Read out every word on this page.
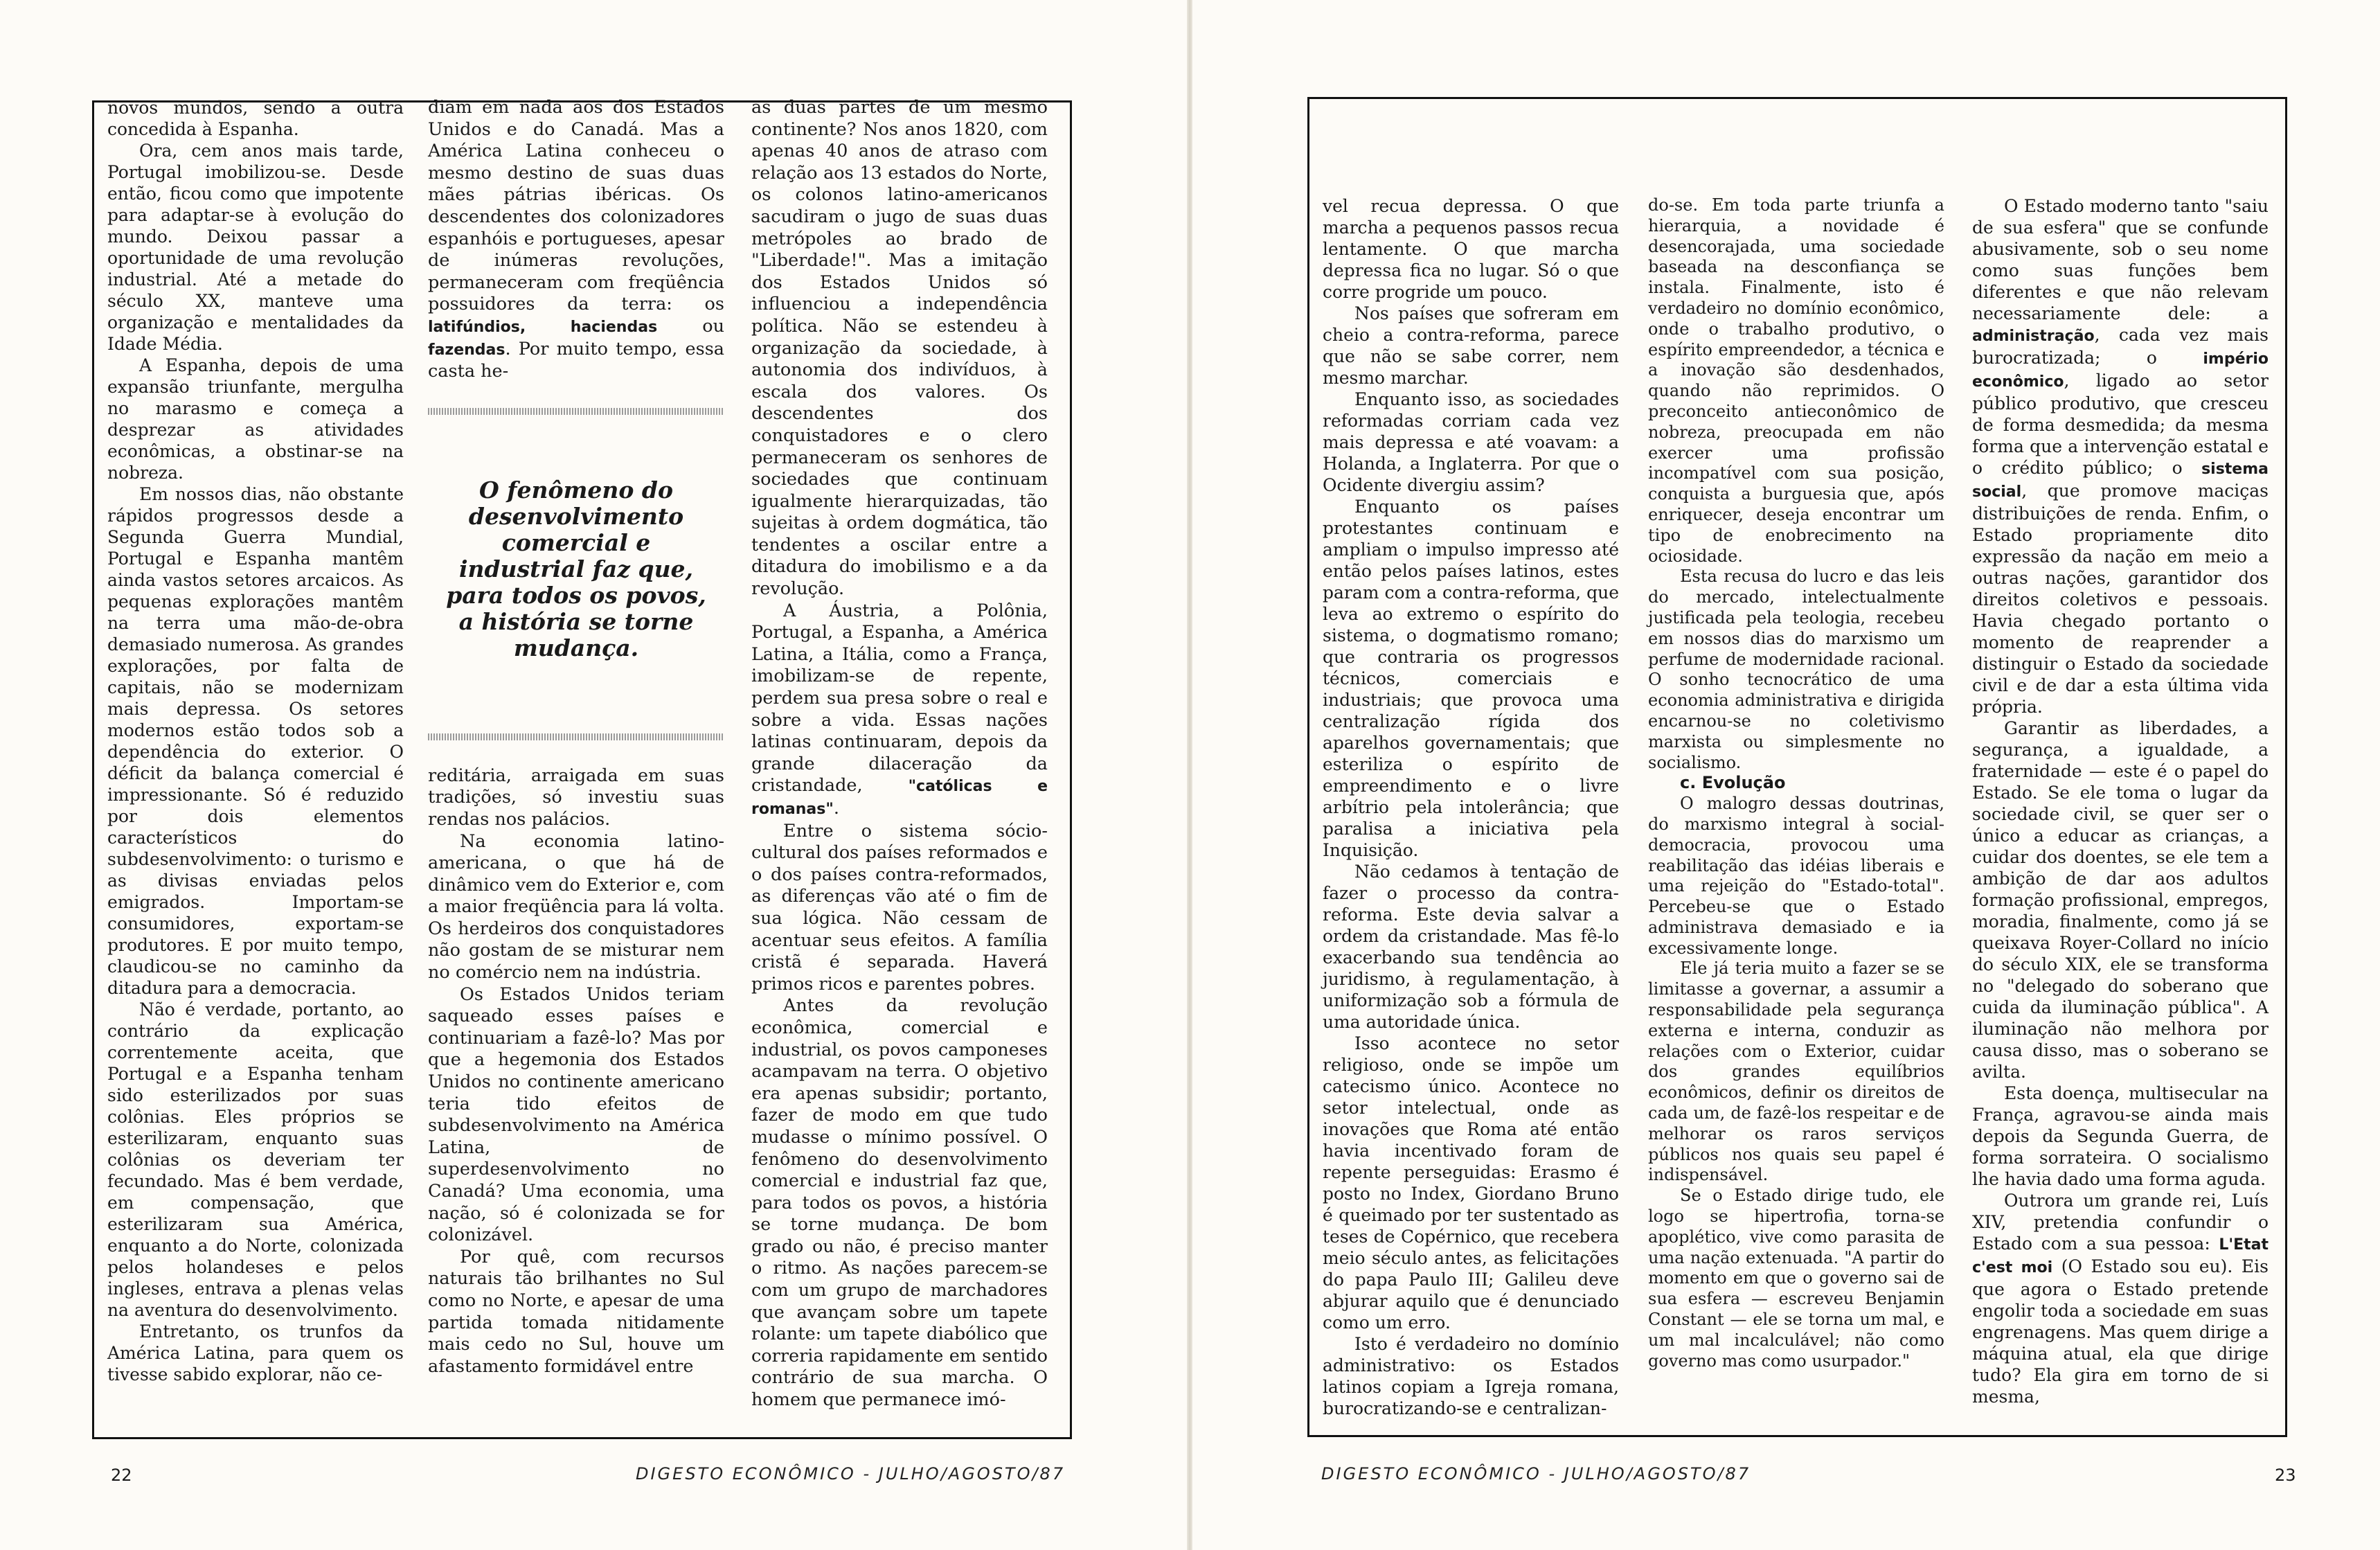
novos mundos, sendo a outra concedida à Espanha.

Ora, cem anos mais tarde, Portugal imobilizou-se. Desde então, ficou como que impotente para adaptar-se à evolução do mundo. Deixou passar a oportunidade de uma revolução industrial. Até a metade do século XX, manteve uma organização e mentalidades da Idade Média.

A Espanha, depois de uma expansão triunfante, mergulha no marasmo e começa a desprezar as atividades econômicas, a obstinar-se na nobreza.

Em nossos dias, não obstante rápidos progressos desde a Segunda Guerra Mundial, Portugal e Espanha mantêm ainda vastos setores arcaicos. As pequenas explorações mantêm na terra uma mão-de-obra demasiado numerosa. As grandes explorações, por falta de capitais, não se modernizam mais depressa. Os setores modernos estão todos sob a dependência do exterior. O déficit da balança comercial é impressionante. Só é reduzido por dois elementos característicos do subdesenvolvimento: o turismo e as divisas enviadas pelos emigrados. Importam-se consumidores, exportam-se produtores. E por muito tempo, claudicou-se no caminho da ditadura para a democracia.

Não é verdade, portanto, ao contrário da explicação correntemente aceita, que Portugal e a Espanha tenham sido esterilizados por suas colônias. Eles próprios se esterilizaram, enquanto suas colônias os deveriam ter fecundado. Mas é bem verdade, em compensação, que esterilizaram sua América, enquanto a do Norte, colonizada pelos holandeses e pelos ingleses, entrava a plenas velas na aventura do desenvolvimento.

Entretanto, os trunfos da América Latina, para quem os tivesse sabido explorar, não ce-

diam em nada aos dos Estados Unidos e do Canadá. Mas a América Latina conheceu o mesmo destino de suas duas mães pátrias ibéricas. Os descendentes dos colonizadores espanhóis e portugueses, apesar de inúmeras revoluções, permaneceram com freqüência possuidores da terra: os latifúndios, haciendas ou fazendas. Por muito tempo, essa casta he-

O fenômeno do desenvolvimento comercial e industrial faz que, para todos os povos, a história se torne mudança.

reditária, arraigada em suas tradições, só investiu suas rendas nos palácios.

Na economia latino-americana, o que há de dinâmico vem do Exterior e, com a maior freqüência para lá volta. Os herdeiros dos conquistadores não gostam de se misturar nem no comércio nem na indústria.

Os Estados Unidos teriam saqueado esses países e continuariam a fazê-lo? Mas por que a hegemonia dos Estados Unidos no continente americano teria tido efeitos de subdesenvolvimento na América Latina, de superdesenvolvimento no Canadá? Uma economia, uma nação, só é colonizada se for colonizável.

Por quê, com recursos naturais tão brilhantes no Sul como no Norte, e apesar de uma partida tomada nitidamente mais cedo no Sul, houve um afastamento formidável entre

as duas partes de um mesmo continente? Nos anos 1820, com apenas 40 anos de atraso com relação aos 13 estados do Norte, os colonos latino-americanos sacudiram o jugo de suas duas metrópoles ao brado de "Liberdade!". Mas a imitação dos Estados Unidos só influenciou a independência política. Não se estendeu à organização da sociedade, à autonomia dos indivíduos, à escala dos valores. Os descendentes dos conquistadores e o clero permaneceram os senhores de sociedades que continuam igualmente hierarquizadas, tão sujeitas à ordem dogmática, tão tendentes a oscilar entre a ditadura do imobilismo e a da revolução.

A Áustria, a Polônia, Portugal, a Espanha, a América Latina, a Itália, como a França, imobilizam-se de repente, perdem sua presa sobre o real e sobre a vida. Essas nações latinas continuaram, depois da grande dilaceração da cristandade, "católicas e romanas".

Entre o sistema sócio-cultural dos países reformados e o dos países contra-reformados, as diferenças vão até o fim de sua lógica. Não cessam de acentuar seus efeitos. A família cristã é separada. Haverá primos ricos e parentes pobres.

Antes da revolução econômica, comercial e industrial, os povos camponeses acampavam na terra. O objetivo era apenas subsidir; portanto, fazer de modo em que tudo mudasse o mínimo possível. O fenômeno do desenvolvimento comercial e industrial faz que, para todos os povos, a história se torne mudança. De bom grado ou não, é preciso manter o ritmo. As nações parecem-se com um grupo de marchadores que avançam sobre um tapete rolante: um tapete diabólico que correria rapidamente em sentido contrário de sua marcha. O homem que permanece imó-

22	DIGESTO ECONÔMICO - JULHO/AGOSTO/87

vel recua depressa. O que marcha a pequenos passos recua lentamente. O que marcha depressa fica no lugar. Só o que corre progride um pouco.

Nos países que sofreram em cheio a contra-reforma, parece que não se sabe correr, nem mesmo marchar.

Enquanto isso, as sociedades reformadas corriam cada vez mais depressa e até voavam: a Holanda, a Inglaterra. Por que o Ocidente divergiu assim?

Enquanto os países protestantes continuam e ampliam o impulso impresso até então pelos países latinos, estes param com a contra-reforma, que leva ao extremo o espírito do sistema, o dogmatismo romano; que contraria os progressos técnicos, comerciais e industriais; que provoca uma centralização rígida dos aparelhos governamentais; que esteriliza o espírito de empreendimento e o livre arbítrio pela intolerância; que paralisa a iniciativa pela Inquisição.

Não cedamos à tentação de fazer o processo da contra-reforma. Este devia salvar a ordem da cristandade. Mas fê-lo exacerbando sua tendência ao juridismo, à regulamentação, à uniformização sob a fórmula de uma autoridade única.

Isso acontece no setor religioso, onde se impõe um catecismo único. Acontece no setor intelectual, onde as inovações que Roma até então havia incentivado foram de repente perseguidas: Erasmo é posto no Index, Giordano Bruno é queimado por ter sustentado as teses de Copérnico, que recebera meio século antes, as felicitações do papa Paulo III; Galileu deve abjurar aquilo que é denunciado como um erro.

Isto é verdadeiro no domínio administrativo: os Estados latinos copiam a Igreja romana, burocratizando-se e centralizan-

do-se. Em toda parte triunfa a hierarquia, a novidade é desencorajada, uma sociedade baseada na desconfiança se instala. Finalmente, isto é verdadeiro no domínio econômico, onde o trabalho produtivo, o espírito empreendedor, a técnica e a inovação são desdenhados, quando não reprimidos. O preconceito antieconômico de nobreza, preocupada em não exercer uma profissão incompatível com sua posição, conquista a burguesia que, após enriquecer, deseja encontrar um tipo de enobrecimento na ociosidade.

Esta recusa do lucro e das leis do mercado, intelectualmente justificada pela teologia, recebeu em nossos dias do marxismo um perfume de modernidade racional. O sonho tecnocrático de uma economia administrativa e dirigida encarnou-se no coletivismo marxista ou simplesmente no socialismo.

c. Evolução

O malogro dessas doutrinas, do marxismo integral à social-democracia, provocou uma reabilitação das idéias liberais e uma rejeição do "Estado-total". Percebeu-se que o Estado administrava demasiado e ia excessivamente longe.

Ele já teria muito a fazer se se limitasse a governar, a assumir a responsabilidade pela segurança externa e interna, conduzir as relações com o Exterior, cuidar dos grandes equilíbrios econômicos, definir os direitos de cada um, de fazê-los respeitar e de melhorar os raros serviços públicos nos quais seu papel é indispensável.

Se o Estado dirige tudo, ele logo se hipertrofia, torna-se apoplético, vive como parasita de uma nação extenuada. "A partir do momento em que o governo sai de sua esfera — escreveu Benjamin Constant — ele se torna um mal, e um mal incalculável; não como governo mas como usurpador."

O Estado moderno tanto "saiu de sua esfera" que se confunde abusivamente, sob o seu nome como suas funções bem diferentes e que não relevam necessariamente dele: a administração, cada vez mais burocratizada; o império econômico, ligado ao setor público produtivo, que cresceu de forma desmedida; da mesma forma que a intervenção estatal e o crédito público; o sistema social, que promove maciças distribuições de renda. Enfim, o Estado propriamente dito expressão da nação em meio a outras nações, garantidor dos direitos coletivos e pessoais. Havia chegado portanto o momento de reaprender a distinguir o Estado da sociedade civil e de dar a esta última vida própria.

Garantir as liberdades, a segurança, a igualdade, a fraternidade — este é o papel do Estado. Se ele toma o lugar da sociedade civil, se quer ser o único a educar as crianças, a cuidar dos doentes, se ele tem a ambição de dar aos adultos formação profissional, empregos, moradia, finalmente, como já se queixava Royer-Collard no início do século XIX, ele se transforma no "delegado do soberano que cuida da iluminação pública". A iluminação não melhora por causa disso, mas o soberano se avilta.

Esta doença, multisecular na França, agravou-se ainda mais depois da Segunda Guerra, de forma sorrateira. O socialismo lhe havia dado uma forma aguda.

Outrora um grande rei, Luís XIV, pretendia confundir o Estado com a sua pessoa: L'Etat c'est moi (O Estado sou eu). Eis que agora o Estado pretende engolir toda a sociedade em suas engrenagens. Mas quem dirige a máquina atual, ela que dirige tudo? Ela gira em torno de si mesma,

DIGESTO ECONÔMICO - JULHO/AGOSTO/87	23
